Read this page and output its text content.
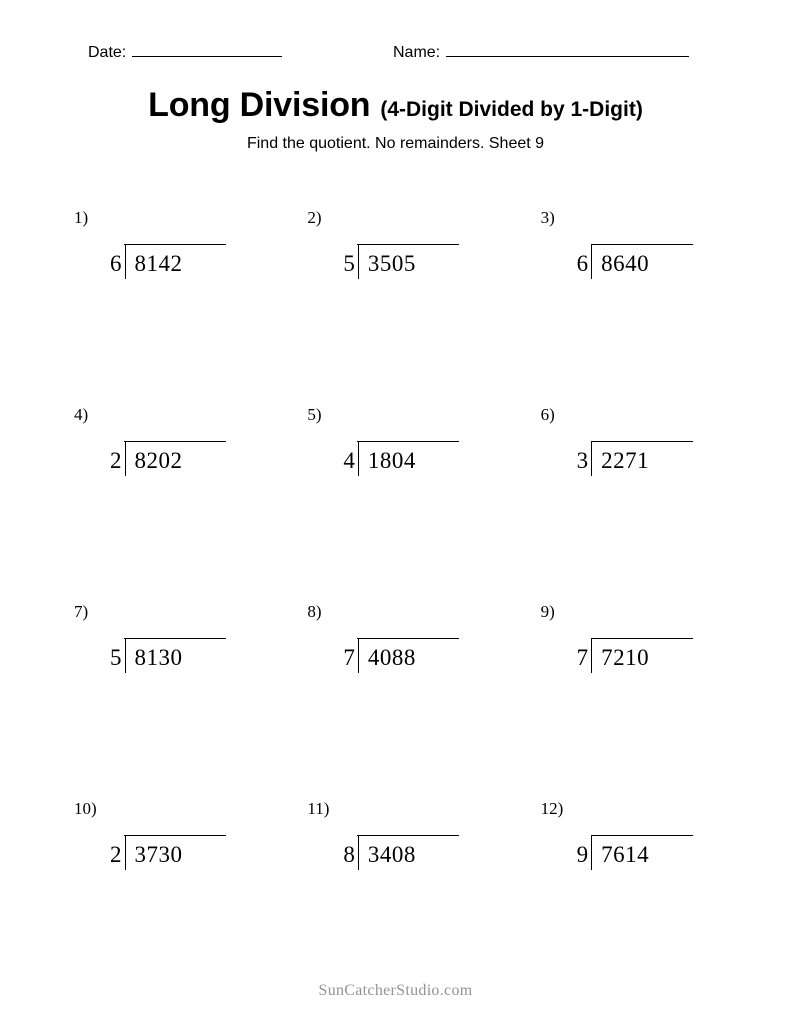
Date:	Name:
Long Division (4-Digit Divided by 1-Digit)
Find the quotient. No remainders. Sheet 9
1)
6 8142
2)
5 3505
3)
6 8640
4)
2 8202
5)
4 1804
6)
3 2271
7)
5 8130
8)
7 4088
9)
7 7210
10)
2 3730
11)
8 3408
12)
9 7614
SunCatcherStudio.com
